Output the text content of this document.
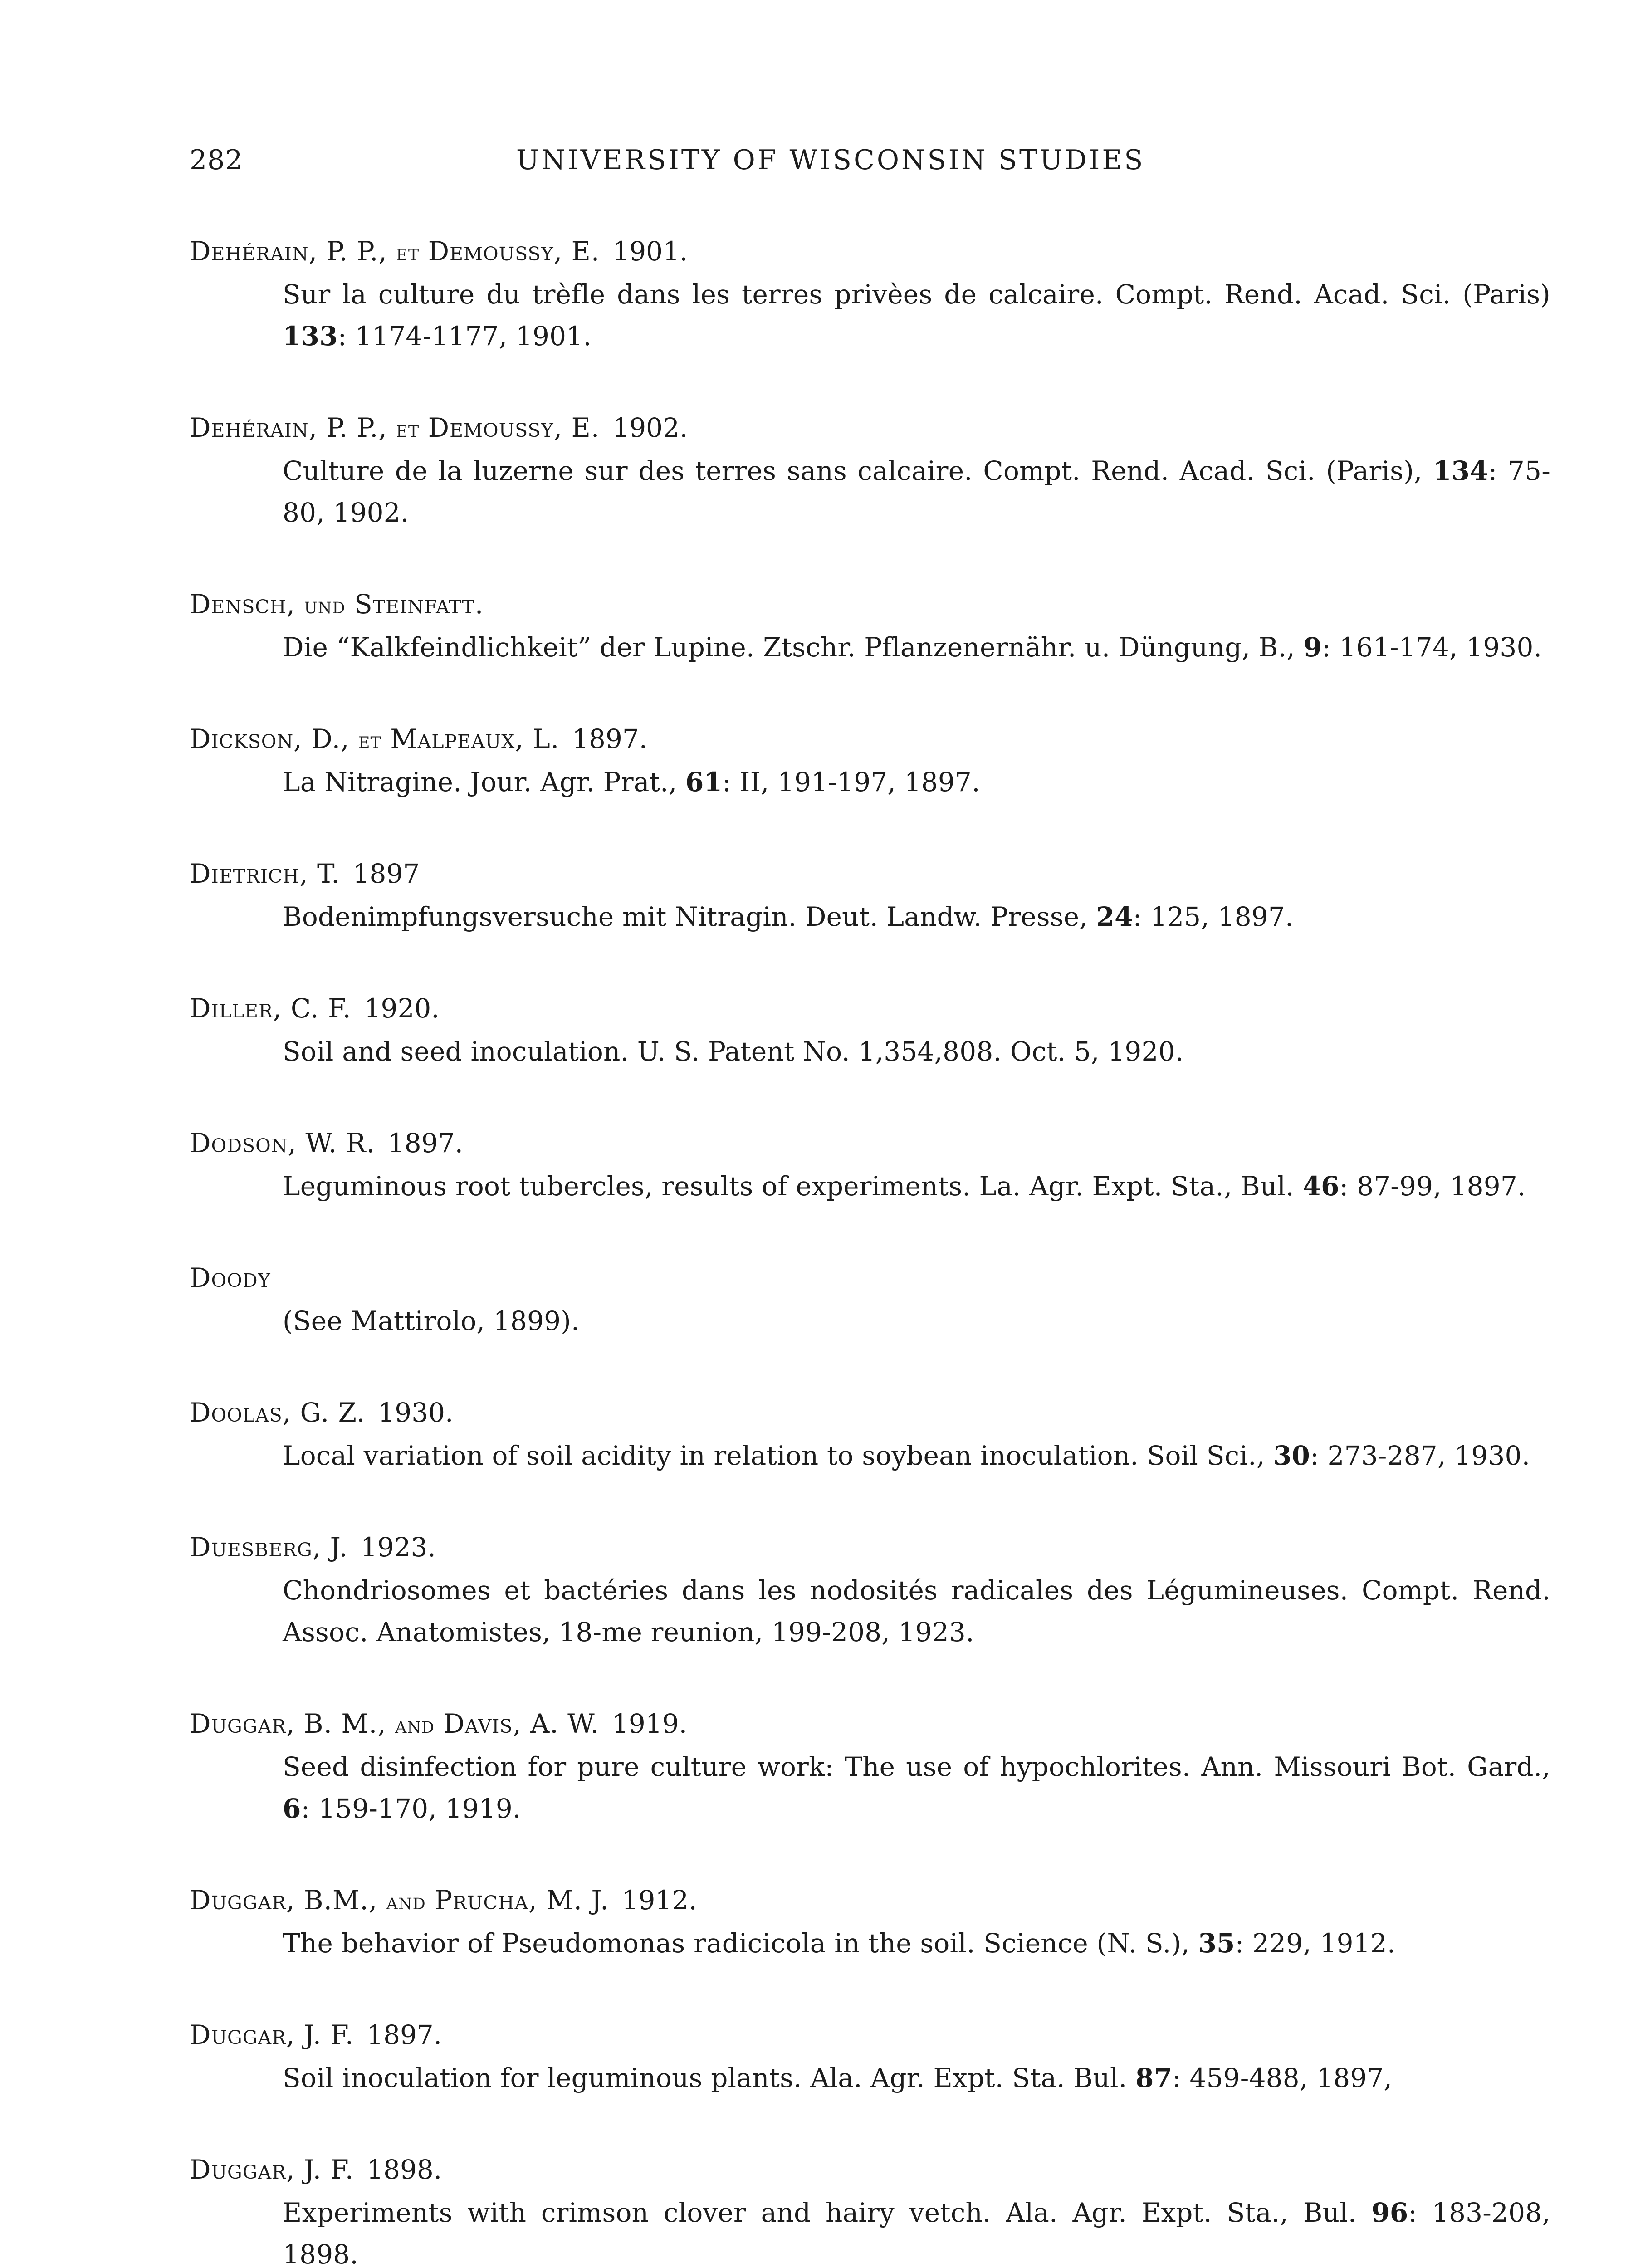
282	UNIVERSITY OF WISCONSIN STUDIES
Dehérain, P. P., et Demoussy, E. 1901.
Sur la culture du trèfle dans les terres privèes de calcaire. Compt. Rend. Acad. Sci. (Paris) 133: 1174-1177, 1901.
Dehérain, P. P., et Demoussy, E. 1902.
Culture de la luzerne sur des terres sans calcaire. Compt. Rend. Acad. Sci. (Paris), 134: 75-80, 1902.
Densch, und Steinfatt.
Die “Kalkfeindlichkeit” der Lupine. Ztschr. Pflanzenernähr. u. Düngung, B., 9: 161-174, 1930.
Dickson, D., et Malpeaux, L. 1897.
La Nitragine. Jour. Agr. Prat., 61: II, 191-197, 1897.
Dietrich, T. 1897
Bodenimpfungsversuche mit Nitragin. Deut. Landw. Presse, 24: 125, 1897.
Diller, C. F. 1920.
Soil and seed inoculation. U. S. Patent No. 1,354,808. Oct. 5, 1920.
Dodson, W. R. 1897.
Leguminous root tubercles, results of experiments. La. Agr. Expt. Sta., Bul. 46: 87-99, 1897.
Doody
(See Mattirolo, 1899).
Doolas, G. Z. 1930.
Local variation of soil acidity in relation to soybean inoculation. Soil Sci., 30: 273-287, 1930.
Duesberg, J. 1923.
Chondriosomes et bactéries dans les nodosités radicales des Légumineuses. Compt. Rend. Assoc. Anatomistes, 18-me reunion, 199-208, 1923.
Duggar, B. M., and Davis, A. W. 1919.
Seed disinfection for pure culture work: The use of hypochlorites. Ann. Missouri Bot. Gard., 6: 159-170, 1919.
Duggar, B.M., and Prucha, M. J. 1912.
The behavior of Pseudomonas radicicola in the soil. Science (N. S.), 35: 229, 1912.
Duggar, J. F. 1897.
Soil inoculation for leguminous plants. Ala. Agr. Expt. Sta. Bul. 87: 459-488, 1897,
Duggar, J. F. 1898.
Experiments with crimson clover and hairy vetch. Ala. Agr. Expt. Sta., Bul. 96: 183-208, 1898.
